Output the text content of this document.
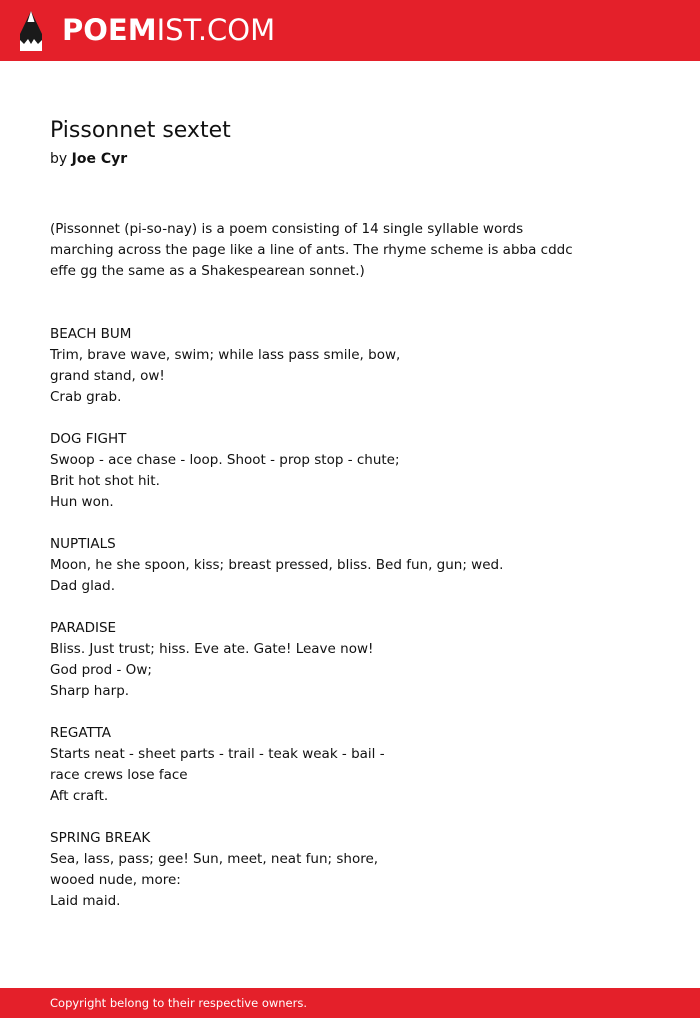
POEMIST.COM
Pissonnet sextet
by Joe Cyr
(Pissonnet (pi-so-nay) is a poem consisting of 14 single syllable words
marching across the page like a line of ants. The rhyme scheme is abba cddc
effe gg the same as a Shakespearean sonnet.)
BEACH BUM
Trim, brave wave, swim; while lass pass smile, bow,
grand stand, ow!
Crab grab.
DOG FIGHT
Swoop - ace chase - loop. Shoot - prop stop - chute;
Brit hot shot hit.
Hun won.
NUPTIALS
Moon, he she spoon, kiss; breast pressed, bliss. Bed fun, gun; wed.
Dad glad.
PARADISE
Bliss. Just trust; hiss. Eve ate. Gate! Leave now!
God prod - Ow;
Sharp harp.
REGATTA
Starts neat - sheet parts - trail - teak weak - bail -
race crews lose face
Aft craft.
SPRING BREAK
Sea, lass, pass; gee! Sun, meet, neat fun; shore,
wooed nude, more:
Laid maid.
Copyright belong to their respective owners.
